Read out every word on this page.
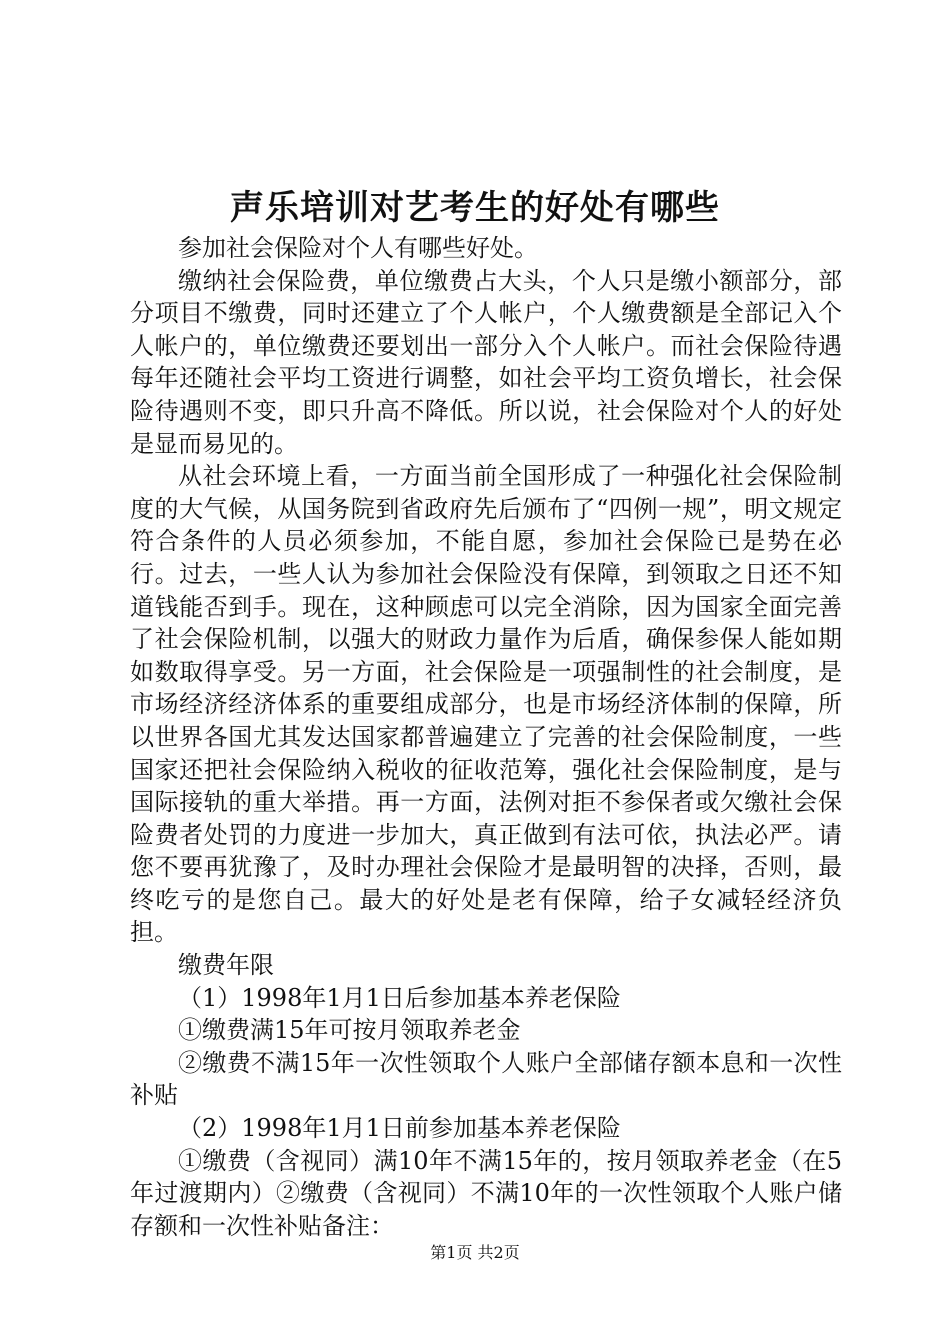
声乐培训对艺考生的好处有哪些

参加社会保险对个人有哪些好处。

缴纳社会保险费，单位缴费占大头，个人只是缴小额部分，部分项目不缴费，同时还建立了个人帐户，个人缴费额是全部记入个人帐户的，单位缴费还要划出一部分入个人帐户。而社会保险待遇每年还随社会平均工资进行调整，如社会平均工资负增长，社会保险待遇则不变，即只升高不降低。所以说，社会保险对个人的好处是显而易见的。

从社会环境上看，一方面当前全国形成了一种强化社会保险制度的大气候，从国务院到省政府先后颁布了“四例一规”，明文规定符合条件的人员必须参加，不能自愿，参加社会保险已是势在必行。过去，一些人认为参加社会保险没有保障，到领取之日还不知道钱能否到手。现在，这种顾虑可以完全消除，因为国家全面完善了社会保险机制，以强大的财政力量作为后盾，确保参保人能如期如数取得享受。另一方面，社会保险是一项强制性的社会制度，是市场经济经济体系的重要组成部分，也是市场经济体制的保障，所以世界各国尤其发达国家都普遍建立了完善的社会保险制度，一些国家还把社会保险纳入税收的征收范筹，强化社会保险制度，是与国际接轨的重大举措。再一方面，法例对拒不参保者或欠缴社会保险费者处罚的力度进一步加大，真正做到有法可依，执法必严。请您不要再犹豫了，及时办理社会保险才是最明智的决择，否则，最终吃亏的是您自己。最大的好处是老有保障，给子女减轻经济负担。

缴费年限

（1）1998年1月1日后参加基本养老保险

①缴费满15年可按月领取养老金

②缴费不满15年一次性领取个人账户全部储存额本息和一次性补贴

（2）1998年1月1日前参加基本养老保险

①缴费（含视同）满10年不满15年的，按月领取养老金（在5年过渡期内）②缴费（含视同）不满10年的一次性领取个人账户储存额和一次性补贴备注：

第1页 共2页
